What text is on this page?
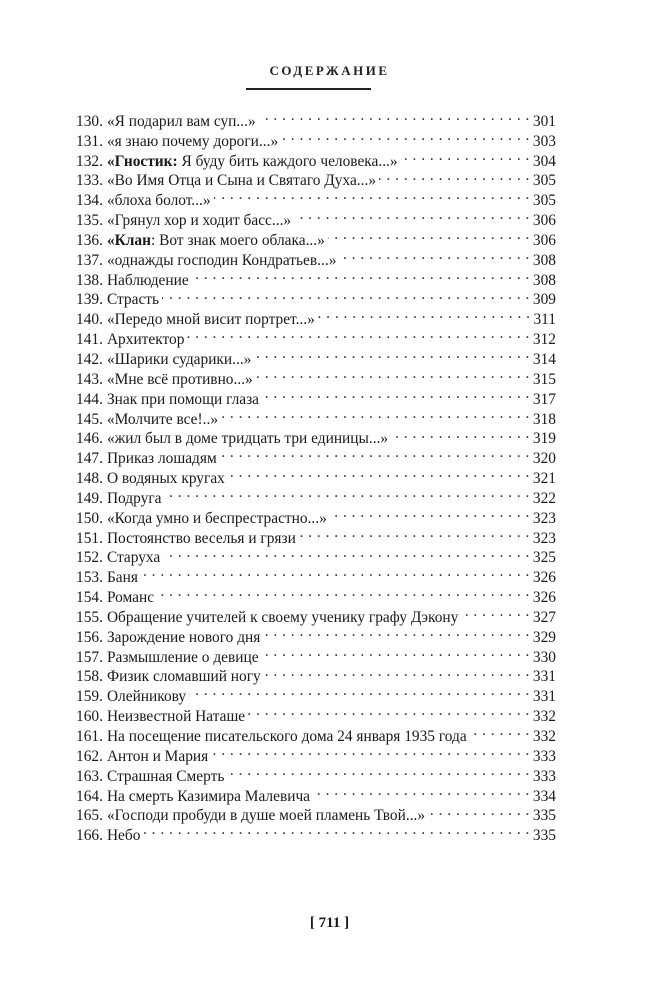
СОДЕРЖАНИЕ
130. «Я подарил вам суп...» . . .	301
131. «я знаю почему дороги...» . . .	303
132. «Гностик: Я буду бить каждого человека...» . . .	304
133. «Во Имя Отца и Сына и Святаго Духа...» . . .	305
134. «блоха болот...» . . .	305
135. «Грянул хор и ходит басс...» . . .	306
136. «Клан: Вот знак моего облака...» . . .	306
137. «однажды господин Кондратьев...» . . .	308
138. Наблюдение . . .	308
139. Страсть . . .	309
140. «Передо мной висит портрет...» . . .	311
141. Архитектор . . .	312
142. «Шарики сударики...» . . .	314
143. «Мне всё противно...» . . .	315
144. Знак при помощи глаза . . .	317
145. «Молчите все!..» . . .	318
146. «жил был в доме тридцать три единицы...» . . .	319
147. Приказ лошадям . . .	320
148. О водяных кругах . . .	321
149. Подруга . . .	322
150. «Когда умно и беспрестрастно...» . . .	323
151. Постоянство веселья и грязи . . .	323
152. Старуха . . .	325
153. Баня . . .	326
154. Романс . . .	326
155. Обращение учителей к своему ученику графу Дэкону . . .	327
156. Зарождение нового дня . . .	329
157. Размышление о девице . . .	330
158. Физик сломавший ногу . . .	331
159. Олейникову . . .	331
160. Неизвестной Наташе . . .	332
161. На посещение писательского дома 24 января 1935 года . . .	332
162. Антон и Мария . . .	333
163. Страшная Смерть . . .	333
164. На смерть Казимира Малевича . . .	334
165. «Господи пробуди в душе моей пламень Твой...» . . .	335
166. Небо . . .	335
[ 711 ]
